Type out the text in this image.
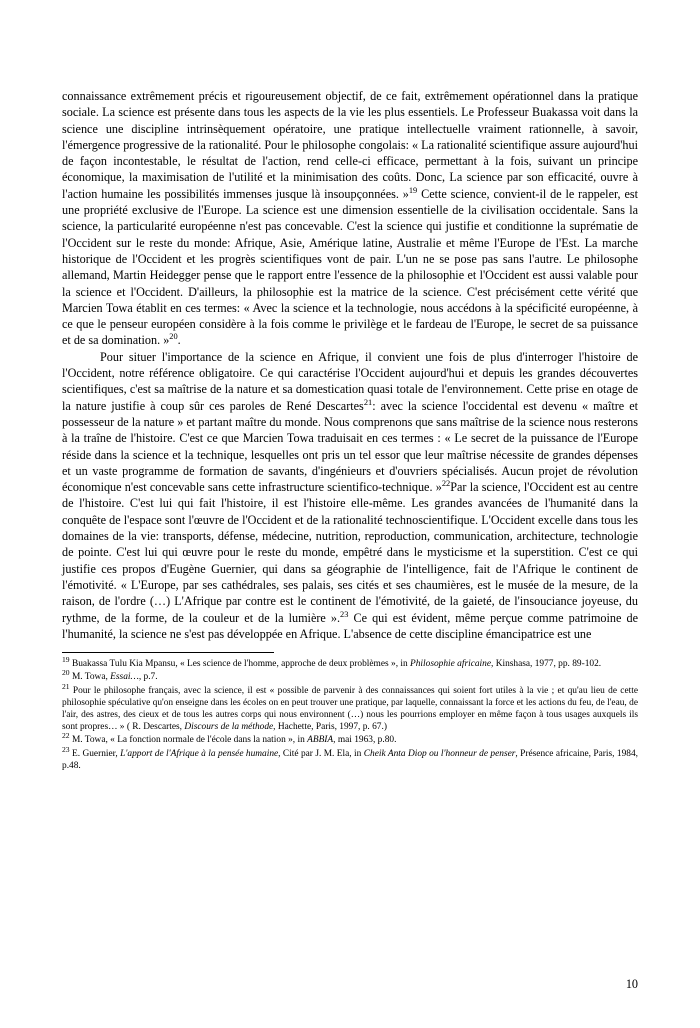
connaissance extrêmement précis et rigoureusement objectif, de ce fait, extrêmement opérationnel dans la pratique sociale. La science est présente dans tous les aspects de la vie les plus essentiels. Le Professeur Buakassa voit dans la science une discipline intrinsèquement opératoire, une pratique intellectuelle vraiment rationnelle, à savoir, l'émergence progressive de la rationalité. Pour le philosophe congolais: « La rationalité scientifique assure aujourd'hui de façon incontestable, le résultat de l'action, rend celle-ci efficace, permettant à la fois, suivant un principe économique, la maximisation de l'utilité et la minimisation des coûts. Donc, La science par son efficacité, ouvre à l'action humaine les possibilités immenses jusque là insoupçonnées. »$^{19}$ Cette science, convient-il de le rappeler, est une propriété exclusive de l'Europe. La science est une dimension essentielle de la civilisation occidentale. Sans la science, la particularité européenne n'est pas concevable. C'est la science qui justifie et conditionne la suprématie de l'Occident sur le reste du monde: Afrique, Asie, Amérique latine, Australie et même l'Europe de l'Est. La marche historique de l'Occident et les progrès scientifiques vont de pair. L'un ne se pose pas sans l'autre. Le philosophe allemand, Martin Heidegger pense que le rapport entre l'essence de la philosophie et l'Occident est aussi valable pour la science et l'Occident. D'ailleurs, la philosophie est la matrice de la science. C'est précisément cette vérité que Marcien Towa établit en ces termes: « Avec la science et la technologie, nous accédons à la spécificité européenne, à ce que le penseur européen considère à la fois comme le privilège et le fardeau de l'Europe, le secret de sa puissance et de sa domination. »$^{20}$.

Pour situer l'importance de la science en Afrique, il convient une fois de plus d'interroger l'histoire de l'Occident, notre référence obligatoire. Ce qui caractérise l'Occident aujourd'hui et depuis les grandes découvertes scientifiques, c'est sa maîtrise de la nature et sa domestication quasi totale de l'environnement. Cette prise en otage de la nature justifie à coup sûr ces paroles de René Descartes$^{21}$: avec la science l'occidental est devenu « maître et possesseur de la nature » et partant maître du monde. Nous comprenons que sans maîtrise de la science nous resterons à la traîne de l'histoire. C'est ce que Marcien Towa traduisait en ces termes : « Le secret de la puissance de l'Europe réside dans la science et la technique, lesquelles ont pris un tel essor que leur maîtrise nécessite de grandes dépenses et un vaste programme de formation de savants, d'ingénieurs et d'ouvriers spécialisés. Aucun projet de révolution économique n'est concevable sans cette infrastructure scientifico-technique. »$^{22}$Par la science, l'Occident est au centre de l'histoire. C'est lui qui fait l'histoire, il est l'histoire elle-même. Les grandes avancées de l'humanité dans la conquête de l'espace sont l'œuvre de l'Occident et de la rationalité technoscientifique. L'Occident excelle dans tous les domaines de la vie: transports, défense, médecine, nutrition, reproduction, communication, architecture, technologie de pointe. C'est lui qui œuvre pour le reste du monde, empêtré dans le mysticisme et la superstition. C'est ce qui justifie ces propos d'Eugène Guernier, qui dans sa géographie de l'intelligence, fait de l'Afrique le continent de l'émotivité. « L'Europe, par ses cathédrales, ses palais, ses cités et ses chaumières, est le musée de la mesure, de la raison, de l'ordre (…) L'Afrique par contre est le continent de l'émotivité, de la gaieté, de l'insouciance joyeuse, du rythme, de la forme, de la couleur et de la lumière ».$^{23}$ Ce qui est évident, même perçue comme patrimoine de l'humanité, la science ne s'est pas développée en Afrique. L'absence de cette discipline émancipatrice est une

$^{19}$ Buakassa Tulu Kia Mpansu, « Les science de l'homme, approche de deux problèmes », in Philosophie africaine, Kinshasa, 1977, pp. 89-102.

$^{20}$ M. Towa, Essai…, p.7.

$^{21}$ Pour le philosophe français, avec la science, il est « possible de parvenir à des connaissances qui soient fort utiles à la vie ; et qu'au lieu de cette philosophie spéculative qu'on enseigne dans les écoles on en peut trouver une pratique, par laquelle, connaissant la force et les actions du feu, de l'eau, de l'air, des astres, des cieux et de tous les autres corps qui nous environnent (…) nous les pourrions employer en même façon à tous usages auxquels ils sont propres… » ( R. Descartes, Discours de la méthode, Hachette, Paris, 1997, p. 67.)

$^{22}$ M. Towa, « La fonction normale de l'école dans la nation », in ABBIA, mai 1963, p.80.

$^{23}$ E. Guernier, L'apport de l'Afrique à la pensée humaine, Cité par J. M. Ela, in Cheik Anta Diop ou l'honneur de penser, Présence africaine, Paris, 1984, p.48.

10
